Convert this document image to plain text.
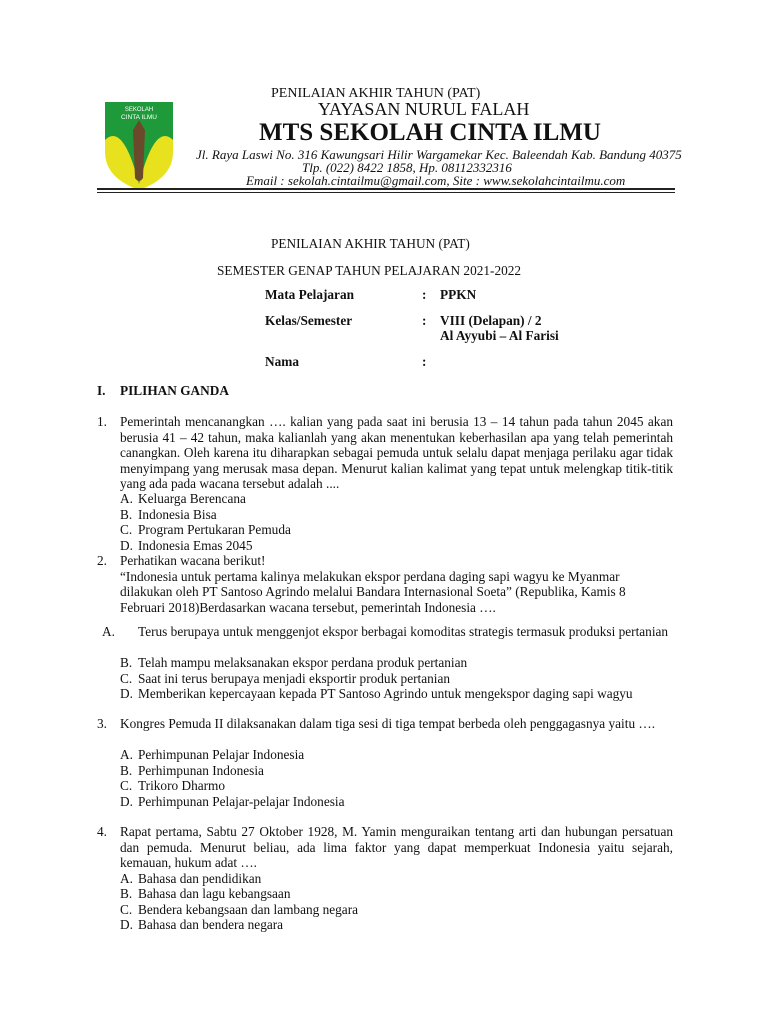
PENILAIAN AKHIR TAHUN (PAT)
YAYASAN NURUL FALAH
MTS SEKOLAH CINTA ILMU
Jl. Raya Laswi No. 316 Kawungsari Hilir Wargamekar Kec. Baleendah Kab. Bandung 40375
Tlp. (022) 8422 1858, Hp. 08112332316
Email : sekolah.cintailmu@gmail.com, Site : www.sekolahcintailmu.com
SEKOLAH
CINTA ILMU
PENILAIAN AKHIR TAHUN (PAT)
SEMESTER GENAP TAHUN PELAJARAN 2021-2022
Mata Pelajaran	: PPKN
Kelas/Semester	: VIII (Delapan) / 2
Al Ayyubi – Al Farisi
Nama	:
I. PILIHAN GANDA
1. Pemerintah mencanangkan …. kalian yang pada saat ini berusia 13 – 14 tahun pada tahun 2045 akan berusia 41 – 42 tahun, maka kalianlah yang akan menentukan keberhasilan apa yang telah pemerintah canangkan. Oleh karena itu diharapkan sebagai pemuda untuk selalu dapat menjaga perilaku agar tidak menyimpang yang merusak masa depan. Menurut kalian kalimat yang tepat untuk melengkap titik-titik yang ada pada wacana tersebut adalah ....
A. Keluarga Berencana
B. Indonesia Bisa
C. Program Pertukaran Pemuda
D. Indonesia Emas 2045
2. Perhatikan wacana berikut!
“Indonesia untuk pertama kalinya melakukan ekspor perdana daging sapi wagyu ke Myanmar dilakukan oleh PT Santoso Agrindo melalui Bandara Internasional Soeta” (Republika, Kamis 8 Februari 2018)Berdasarkan wacana tersebut, pemerintah Indonesia ….
A. Terus berupaya untuk menggenjot ekspor berbagai komoditas strategis termasuk produksi pertanian
B. Telah mampu melaksanakan ekspor perdana produk pertanian
C. Saat ini terus berupaya menjadi eksportir produk pertanian
D. Memberikan kepercayaan kepada PT Santoso Agrindo untuk mengekspor daging sapi wagyu
3. Kongres Pemuda II dilaksanakan dalam tiga sesi di tiga tempat berbeda oleh penggagasnya yaitu ….
A. Perhimpunan Pelajar Indonesia
B. Perhimpunan Indonesia
C. Trikoro Dharmo
D. Perhimpunan Pelajar-pelajar Indonesia
4. Rapat pertama, Sabtu 27 Oktober 1928, M. Yamin menguraikan tentang arti dan hubungan persatuan dan pemuda. Menurut beliau, ada lima faktor yang dapat memperkuat Indonesia yaitu sejarah, kemauan, hukum adat ….
A. Bahasa dan pendidikan
B. Bahasa dan lagu kebangsaan
C. Bendera kebangsaan dan lambang negara
D. Bahasa dan bendera negara
